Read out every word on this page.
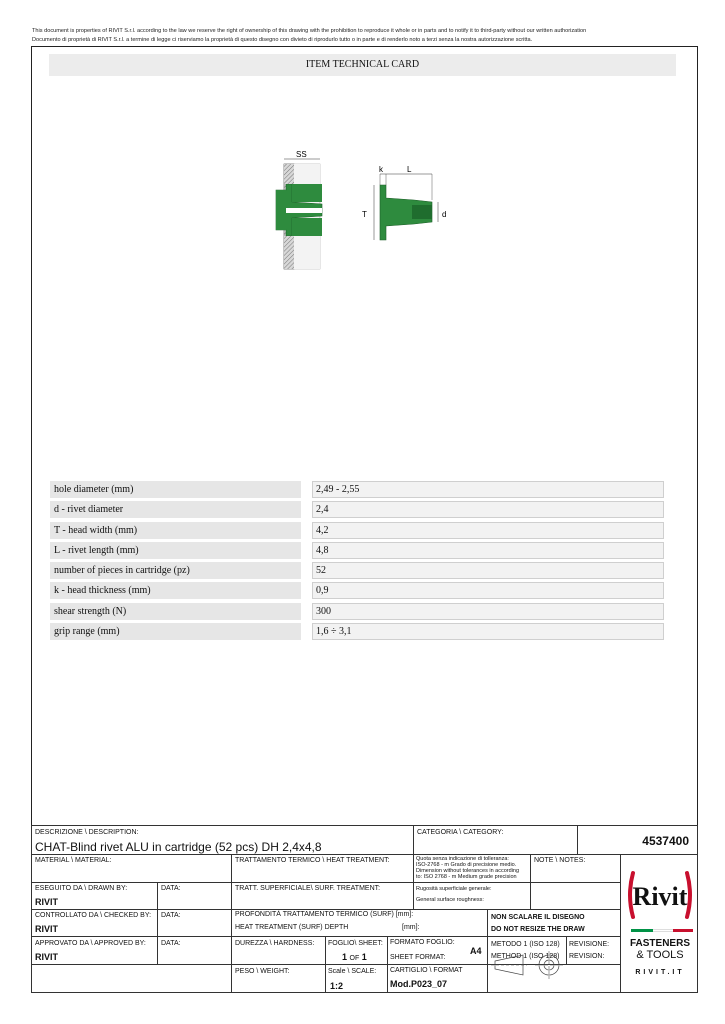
This document is properties of RIVIT S.r.l. according to the law we reserve the right of ownership of this drawing with the prohibition to reproduce it whole or in parts and to notify it to third-party without our written authorization
Documento di proprietà di RIVIT S.r.l. a termine di legge ci riserviamo la proprietà di questo disegno con divieto di riprodurlo tutto o in parte e di renderlo noto a terzi senza la nostra autorizzazione scritta.
ITEM TECHNICAL CARD
SS
k	L
T	d
hole diameter (mm)	2,49 - 2,55
d - rivet diameter	2,4
T - head width (mm)	4,2
L - rivet length (mm)	4,8
number of pieces in cartridge (pz)	52
k - head thickness (mm)	0,9
shear strength (N)	300
grip range (mm)	1,6 ÷ 3,1
DESCRIZIONE \ DESCRIPTION:
CHAT-Blind rivet ALU in cartridge (52 pcs) DH 2,4x4,8
CATEGORIA \ CATEGORY:
4537400
MATERIAL \ MATERIAL:	TRATTAMENTO TERMICO \ HEAT TREATMENT:	Quota senza indicazione di tolleranza:
ISO-2768 - m Grado di precisione medio.
Dimension without tolerances in according
to: ISO 2768 - m Medium grade precision
NOTE \ NOTES:
ESEGUITO DA \ DRAWN BY:
RIVIT
DATA:	TRATT. SUPERFICIALE\ SURF. TREATMENT:	Rugosità superficiale generale:
General surface roughness:
CONTROLLATO DA \ CHECKED BY:
RIVIT
DATA:	PROFONDITÀ TRATTAMENTO TERMICO (SURF) [mm]:
HEAT TREATMENT (SURF) DEPTH	[mm]:
NON SCALARE IL DISEGNO
DO NOT RESIZE THE DRAW
APPROVATO DA \ APPROVED BY:
RIVIT
DATA:	DUREZZA \ HARDNESS: FOGLIO\ SHEET:
1 OF 1
FORMATO FOGLIO:
SHEET FORMAT:
A4
METODO 1 (ISO 128)
METHOD 1 (ISO 128)
REVISIONE:
REVISION:
PESO \ WEIGHT:	Scale \ SCALE:
1:2
CARTIGLIO \ FORMAT
Mod.P023_07
Rivit
FASTENERS
& TOOLS
RIVIT.IT
